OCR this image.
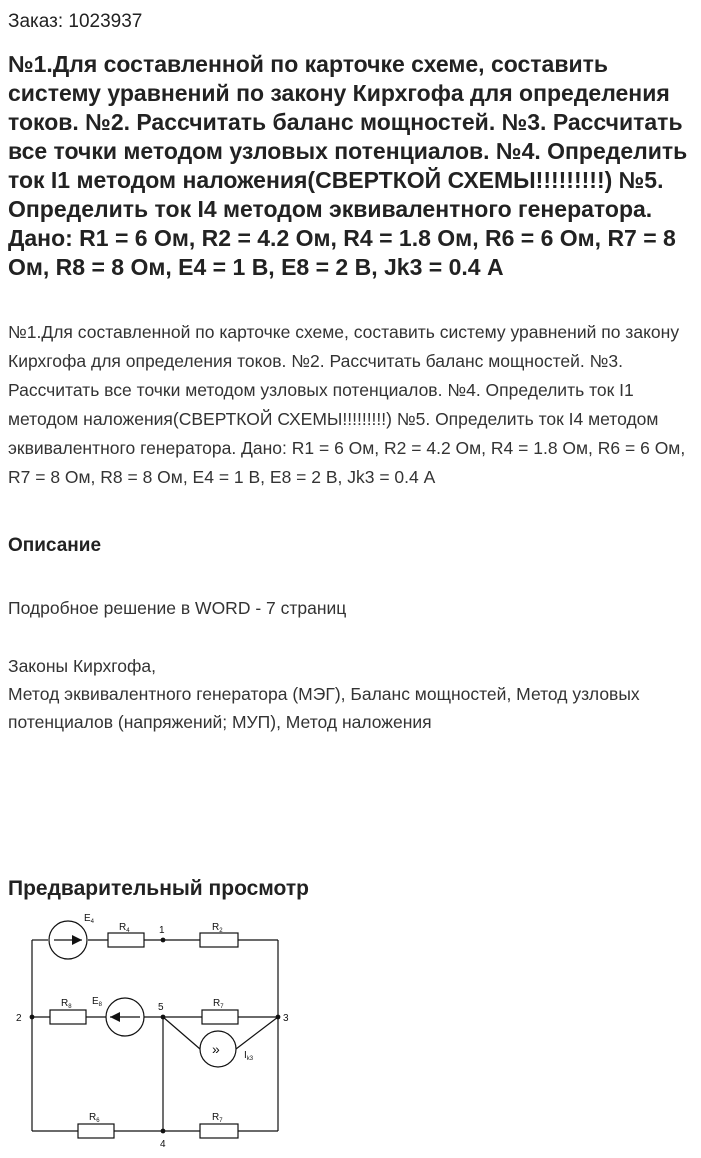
Заказ: 1023937
№1.Для составленной по карточке схеме, составить систему уравнений по закону Кирхгофа для определения токов. №2. Рассчитать баланс мощностей. №3. Рассчитать все точки методом узловых потенциалов. №4. Определить ток I1 методом наложения(СВЕРТКОЙ СХЕМЫ!!!!!!!!!) №5. Определить ток I4 методом эквивалентного генератора. Дано: R1 = 6 Ом, R2 = 4.2 Ом, R4 = 1.8 Ом, R6 = 6 Ом, R7 = 8 Ом, R8 = 8 Ом, E4 = 1 В, E8 = 2 В, Jk3 = 0.4 А

№1.Для составленной по карточке схеме, составить систему уравнений по закону Кирхгофа для определения токов. №2. Рассчитать баланс мощностей. №3. Рассчитать все точки методом узловых потенциалов. №4. Определить ток I1 методом наложения(СВЕРТКОЙ СХЕМЫ!!!!!!!!!) №5. Определить ток I4 методом эквивалентного генератора. Дано: R1 = 6 Ом, R2 = 4.2 Ом, R4 = 1.8 Ом, R6 = 6 Ом, R7 = 8 Ом, R8 = 8 Ом, E4 = 1 В, E8 = 2 В, Jk3 = 0.4 А

Описание

Подробное решение в WORD - 7 страниц

Законы Кирхгофа,

Метод эквивалентного генератора (МЭГ), Баланс мощностей, Метод узловых потенциалов (напряжений; МУП), Метод наложения

Предварительный просмотр
1
2	3
4
5
$R_4$	$R_2$
$R_8$	$R_7$
$R_6$	$R_7$
$E_4$
$E_8$
$I_{k3}$
»
